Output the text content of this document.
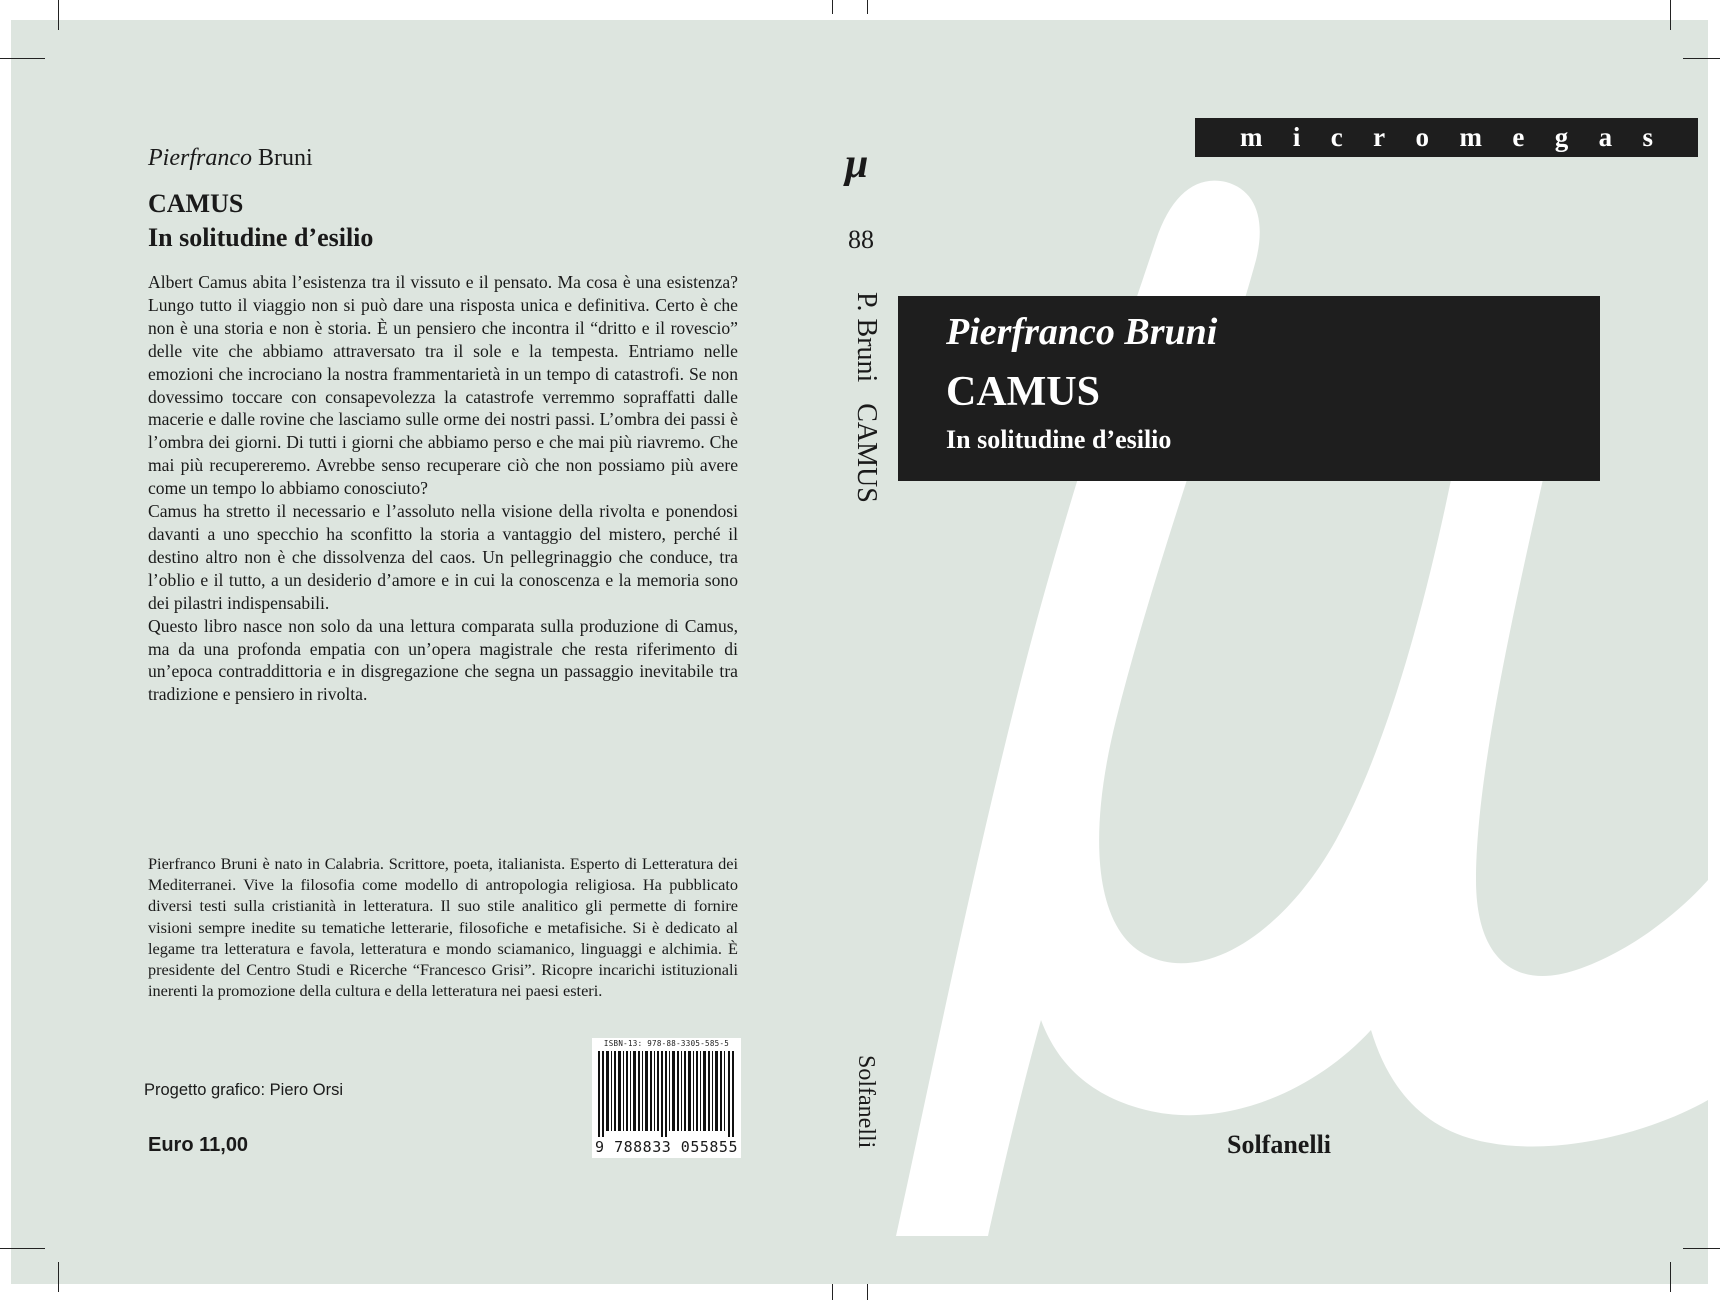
Pierfranco Bruni
CAMUS
In solitudine d’esilio

Albert Camus abita l’esistenza tra il vissuto e il pensato. Ma cosa è una esistenza? Lungo tutto il viaggio non si può dare una risposta unica e definitiva. Certo è che non è una storia e non è storia. È un pensiero che incontra il “dritto e il rovescio” delle vite che abbiamo attraversato tra il sole e la tempesta. Entriamo nelle emozioni che incrociano la nostra frammentarietà in un tempo di catastrofi. Se non dovessimo toccare con consapevolezza la catastrofe verremmo sopraffatti dalle macerie e dalle rovine che lasciamo sulle orme dei nostri passi. L’ombra dei passi è l’ombra dei giorni. Di tutti i giorni che abbiamo perso e che mai più riavremo. Che mai più recupereremo. Avrebbe senso recuperare ciò che non possiamo più avere come un tempo lo abbiamo conosciuto?

Camus ha stretto il necessario e l’assoluto nella visione della rivolta e ponendosi davanti a uno specchio ha sconfitto la storia a vantaggio del mistero, perché il destino altro non è che dissolvenza del caos. Un pellegrinaggio che conduce, tra l’oblio e il tutto, a un desiderio d’amore e in cui la conoscenza e la memoria sono dei pilastri indispensabili.

Questo libro nasce non solo da una lettura comparata sulla produzione di Camus, ma da una profonda empatia con un’opera magistrale che resta riferimento di un’epoca contraddittoria e in disgregazione che segna un passaggio inevitabile tra tradizione e pensiero in rivolta.

Pierfranco Bruni è nato in Calabria. Scrittore, poeta, italianista. Esperto di Letteratura dei Mediterranei. Vive la filosofia come modello di antropologia religiosa. Ha pubblicato diversi testi sulla cristianità in letteratura. Il suo stile analitico gli permette di fornire visioni sempre inedite su tematiche letterarie, filosofiche e metafisiche. Si è dedicato al legame tra letteratura e favola, letteratura e mondo sciamanico, linguaggi e alchimia. È presidente del Centro Studi e Ricerche “Francesco Grisi”. Ricopre incarichi istituzionali inerenti la promozione della cultura e della letteratura nei paesi esteri.
Progetto grafico: Piero Orsi
Euro 11,00
ISBN-13: 978-88-3305-585-5
9 788833 055855
μ
88
P. Bruni   CAMUS
Solfanelli
m i c r o m e g a s
Pierfranco Bruni
CAMUS
In solitudine d’esilio
Solfanelli
